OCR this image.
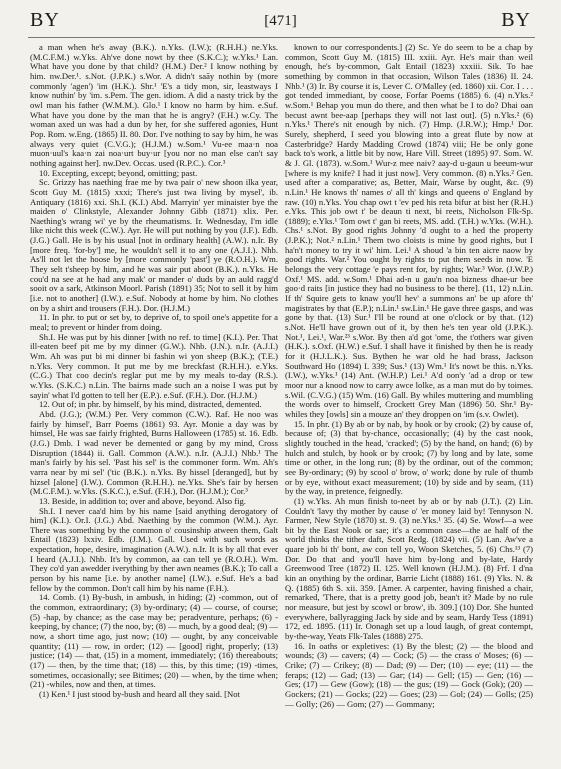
BY	[471]	BY

a man when he's away (B.K.). n.Yks. (I.W.); (R.H.H.) ne.Yks. (M.C.F.M.) w.Yks. Ah've done nowt by thee (S.K.C.); w.Yks.¹ Lan. What have you done by that child? (H.M.) Der.² I know nothing by him. nw.Der.¹. s.Not. (J.P.K.) s.Wor. A didn't saāy nothin by (more commonly 'agen') 'im (H.K.). Shr.¹ 'E's a tidy mon, sir, leastways I know nuthin' by 'im. s.Pem. The gen. idiom. A did a nasty trick by the owl man his father (W.M.M.). Glo.¹ I know no harm by him. e.Suf. What have you done by the man that he is angry? (F.H.) w.Cy. The woman axed un was had a dun by her, for she suffered agonies, Hunt Pop. Rom. w.Eng. (1865) II. 80. Dor. I've nothing to say by him, he was always very quiet (C.V.G.); (H.J.M.) w.Som.¹ Vu-ee maa·n noa muon·uul's kaa·n zai noa·urt buy·ur [you nor no man else can't say nothing against her]. nw.Dev. Occas. used (R.P.C.). Cor.³

10. Excepting, except; beyond, omitting; past.

Sc. Grizzy has naething frae me by twa pair o' new shoon ilka year, Scott Guy M. (1815) xxxi; There's just twa living by mysel', ib. Antiquary (1816) xxi. Sh.I. (K.I.) Abd. Marryin' yer minaister bye the maiden o' Clinkstyle, Alexander Johnny Gibb (1871) xlix. Per. Naething's wrang wi' ye by the rheumatisms. Ir. Wednesday, I'm idle like nicht this week (C.W.). Ayr. He will put nothing by you (J.F.). Edb. (J.G.) Gall. He is by his usual [not in ordinary health] (A.W.). n.Ir. By [more freq. 'for-by'] me, he wouldn't sell it to any one (A.J.I.). Nhb. As'll not let the hoose by [more commonly 'past'] ye (R.O.H.). Wm. They selt t'sheep by him, and he was sair put aboot (B.K.). n.Yks. He cou'd na see at he had any mak' or mander o' duds by an auld ragg'd sooit ov a sark, Atkinson Moorl. Parish (1891) 35; Not to sell it by him [i.e. not to another] (I.W.). e.Suf. Nobody at home by him. No clothes on by a shirt and trousers (F.H.). Dor. (H.J.M.)

11. In phr. to put or set by, to deprive of, to spoil one's appetite for a meal; to prevent or hinder from doing.

Sh.I. He was put by his dinner [with no ref. to time] (K.I.). Per. That ill-eaten beef pit me by my dinner (G.W.). Nhb. (J.N.). n.Ir. (A.J.I.) Wm. Ah was put bi mi dinner bi fashin wi yon sheep (B.K.); (T.E.) n.Yks. Very common. It put me by me breckfast (R.H.H.). e.Yks. (C.G.) That coo decin's reglar put me by my meals to-day (R.S.). w.Yks. (S.K.C.) n.Lin. The bairns made such an a noise I was put by sayin' what I'd gotten to tell her (E.P.). e.Suf. (F.H.). Dor. (H.J.M.)

12. Out of; in phr. by himself, by his mind, distracted, demented.

Abd. (J.G.); (W.M.) Per. Very common (C.W.). Raf. He noo was fairly by himsel', Barr Poems (1861) 93. Ayr. Monie a day was by himsel, He was sae fairly frighted, Burns Halloween (1785) st. 16. Edb. (J.G.) Dmb. I wad never be demented or gang by my mind, Cross Disruption (1844) ii. Gall. Common (A.W.). n.Ir. (A.J.I.) Nhb.¹ The man's fairly by his sel. 'Past his sel' is the commoner form. Wm. Ah's varra near by mi sel' ('tic (B.K.). n.Yks. By hissel [deranged], but by hizsel [alone] (I.W.). Common (R.H.H.). ne.Yks. She's fair by hersen (M.C.F.M.). w.Yks. (S.K.C.), e.Suf. (F.H.), Dor. (H.J.M.); Cor.³

13. Beside, in addition to; over and above, beyond. Also fig.

Sh.I. I never caa'd him by his name [said anything derogatory of him] (K.I.). Or.I. (J.G.) Abd. Naething by the common (W.M.). Ayr. There was something by the common o' cousinship atween them, Galt Entail (1823) lxxiv. Edb. (J.M.). Gall. Used with such words as expectation, hope, desire, imagination (A.W.). n.Ir. It is by all that ever I heard (A.J.I.). Nhb. It's by common, aa can tell ye (R.O.H.). Wm. They co'd yan awedder iverything by ther awn neames (B.K.); To call a person by his name [i.e. by another name] (I.W.). e.Suf. He's a bad fellow by the common. Don't call him by his name (F.H.).

14. Comb. (1) By-bush, in ambush, in hiding; (2) -common, out of the common, extraordinary; (3) by-ordinary; (4) — course, of course; (5) -hap, by chance; as the case may be; peradventure, perhaps; (6) -keeping, by chance; (7) the noo, by; (8) — much, by a good deal; (9) —now, a short time ago, just now; (10) — ought, by any conceivable quantity; (11) — row, in order; (12) — [good] right, properly; (13) justice; (14) — that, (15) in a moment, immediately; (16) thereabouts; (17) — then, by the time that; (18) — this, by this time; (19) -times, sometimes, occasionally; see Bitimes; (20) — when, by the time when; (21) -whiles, now and then, at times.

(1) Ken.¹ I just stood by-bush and heard all they said. [Not

known to our correspondents.] (2) Sc. Ye do seem to be a chap by common, Scott Guy M. (1815) III. xxiii. Ayr. He's mair than weil enough, he's by-common, Galt Entail (1823) xxxiii. Sik. To hae something by common in that occasion, Wilson Tales (1836) II. 24. Nhb.¹ (3) Ir. By course it is, Lever C. O'Malley (ed. 1860) xii. Cor. I . . . got tended immediant, by coose, Forfar Poems (1885) 6. (4) n.Yks.² w.Som.¹ Behap you mun do there, and then what be I to do? Dhai oan becust awnt bee-aap [perhaps they will not last out]. (5) n.Yks.² (6) n.Yks.¹ There's nit enough by nich. (7) Hmp. (J.R.W.); Hmp.¹ Dor. Surely, shepherd, I seed you blowing into a great flute by now at Casterbridge? Hardy Madding Crowd (1874) viii; He be only gone back to's work, a little bit by now, Hare Vill. Street (1895) 97. Som. W. & J. Gl. (1873). w.Som.¹ Wur-z mee naiv? aay-d u-gaun u beeum-wur [where is my knife? I had it just now]. Very common. (8) n.Yks.² Gen. used after a comparative; as, Better, Mair, Warse by ought, &c. (9) n.Lin.¹ He knows th' names o' all th' kings and queens o' England by raw. (10) n.Yks. You chap owt t 'ev ped his reta bifur at bist her (R.H.) e.Yks. This job owt t' be deaun ti next, bi reets, Nicholson Flk-Sp. (1889); e.Yks.¹ Tom owt t' gan bi reets, MS. add. (T.H.) w.Yks. (W.H.). Chs.¹ s.Not. By good rights Johnny 'd ought to a hed the property (J.P.K.); Not.² n.Lin.¹ Them two cloists is mine by good rights, but I ha'n't money to try it wi' him. Lei.¹ A shoud 'a bin ten aicre naow by good rights. War.² You ought by rights to put them seeds in now. 'E belongs the very cottage 'e pays rent for, by rights; War.³ Wor. (J.W.P.) Oxf.¹ MS. add. w.Som.¹ Dhai ad-n u gau'n noa bizness dhae-ur bee goo·d raits [in justice they had no business to be there]. (11, 12) n.Lin. If th' Squire gets to knaw you'll hev' a summons an' be up afore th' magistrates by that (E.P.); n.Lin.¹ sw.Lin.¹ He gave three gasps, and was gone by that. (13) Sur.¹ I'll be round at one o'clock or by that. (12) s.Not. He'll have grown out of it, by then he's ten year old (J.P.K.). Not.¹, Lei.¹, War.²³ s.Wor. By then a'd got 'ome, the t'others war given (H.K.). s.Oxf. (H.W.) e.Suf. I shall have it finished by then he is ready for it (H.J.L.K.). Sus. Bythen he war old he had brass, Jackson Southward Ho (1894) I. 339; Sus.¹ (13) Wm.¹ It's nowt be this. n.Yks. (I.W.), w.Yks.¹ (14) Ant. (W.H.P.) Lei.¹ A'd oon'y 'ad a drop or tew moor nur a knood now to carry awce lolke, as a man mut do by toimes. s.Wil. (C.V.G.) (15) Wm. (16) Gall. By whiles muttering and mumbling the words over to himself, Crockett Grey Man (1896) 50. Shr.¹ By-whiles they [owls] sin a mouze an' they droppen on 'im (s.v. Owlet).

15. In phr. (1) By ab or by nab, by hook or by crook; (2) by cause of, because of; (3) that by-chance, occasionally; (4) by the cast nook, slightly touched in the head, 'cracked'; (5) by the hand, on hand; (6) by hulch and stulch, by hook or by crook; (7) by long and by late, some time or other, in the long run; (8) by the ordinar, out of the common; see By-ordinary; (9) by scool o' brow, o' work; done by rule of thumb or by eye, without exact measurement; (10) by side and by seam, (11) by the way, in pretence, feignedly.

(1) w.Yks. Ah mun finish to-neet by ab or by nab (J.T.). (2) Lin. Couldn't 'lavy thy mother by cause o' 'er money laid by! Tennyson N. Farmer, New Style (1870) st. 9. (3) ne.Yks.¹ 35. (4) Se. Wowf—a wee bit by the East Nook or sae; it's a common case—the ae half of the world thinks the tither daft, Scott Redg. (1824) vii. (5) Lan. Aw've a quare job bi th' bont, aw con tell yo, Woon Sketches, 5. (6) Chs.¹³ (7) Dor. Do that and you'll have him by-long and by-late, Hardy Greenwood Tree (1872) II. 125. Well known (H.J.M.). (8) Frf. I d'na kin an onything by the ordinar, Barrie Licht (1888) 161. (9) Yks. N. & Q. (1885) 6th S. xii. 359. [Amer. A carpenter, having finished a chair, remarked, 'There, that is a pretty good job, bean't it? Made by no rule nor measure, but jest by scowl or brow', ib. 309.] (10) Dor. She hunted everywhere, ballyragging Jack by side and by seam, Hardy Tess (1891) 172, ed. 1895. (11) Ir. Oonagh set up a loud laugh, of great contempt, by-the-way, Yeats Flk-Tales (1888) 275.

16. In oaths or expletives: (1) By the blest; (2) — the blood and wounds; (3) — cavers; (4) — Cock; (5) — the crass o' Moses; (6) — Crike; (7) — Crikey; (8) — Dad; (9) — Der; (10) — eye; (11) — the feraps; (12) — Gad; (13) — Gar; (14) — Gell; (15) — Gen; (16) — Ges; (17) — Gew (Gow); (18) — the gus; (19) — Gock (Gok); (20) — Gockers; (21) — Gocks; (22) — Goes; (23) — Gol; (24) — Golls; (25) — Golly; (26) — Gom; (27) — Gommany;
